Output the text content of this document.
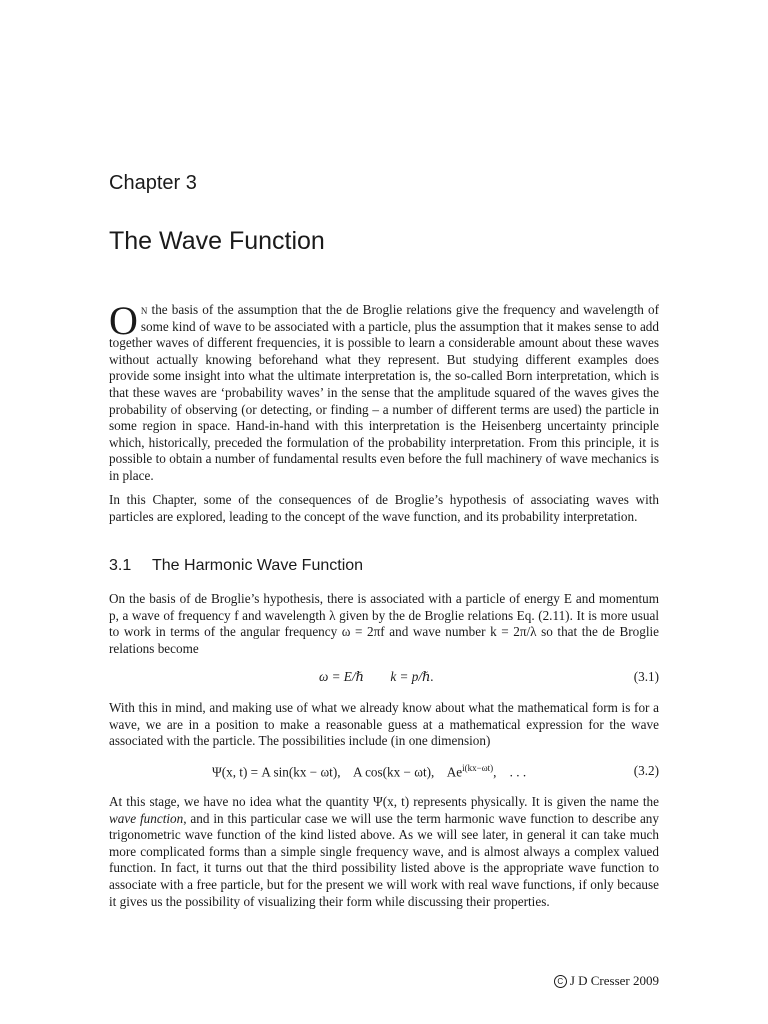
Chapter 3
The Wave Function
On the basis of the assumption that the de Broglie relations give the frequency and wavelength of some kind of wave to be associated with a particle, plus the assumption that it makes sense to add together waves of different frequencies, it is possible to learn a considerable amount about these waves without actually knowing beforehand what they represent. But studying different examples does provide some insight into what the ultimate interpretation is, the so-called Born interpretation, which is that these waves are ‘probability waves’ in the sense that the amplitude squared of the waves gives the probability of observing (or detecting, or finding – a number of different terms are used) the particle in some region in space. Hand-in-hand with this interpretation is the Heisenberg uncertainty principle which, historically, preceded the formulation of the probability interpretation. From this principle, it is possible to obtain a number of fundamental results even before the full machinery of wave mechanics is in place.
In this Chapter, some of the consequences of de Broglie’s hypothesis of associating waves with particles are explored, leading to the concept of the wave function, and its probability interpretation.
3.1 The Harmonic Wave Function
On the basis of de Broglie’s hypothesis, there is associated with a particle of energy E and momentum p, a wave of frequency f and wavelength λ given by the de Broglie relations Eq. (2.11). It is more usual to work in terms of the angular frequency ω = 2πf and wave number k = 2π/λ so that the de Broglie relations become
ω = E/ℏ        k = p/ℏ.	(3.1)
With this in mind, and making use of what we already know about what the mathematical form is for a wave, we are in a position to make a reasonable guess at a mathematical expression for the wave associated with the particle. The possibilities include (in one dimension)
Ψ(x, t) = A sin(kx − ωt),    A cos(kx − ωt),    $Ae^{i(kx-\omega t)}$,    . . .	(3.2)
At this stage, we have no idea what the quantity Ψ(x, t) represents physically. It is given the name the wave function, and in this particular case we will use the term harmonic wave function to describe any trigonometric wave function of the kind listed above. As we will see later, in general it can take much more complicated forms than a simple single frequency wave, and is almost always a complex valued function. In fact, it turns out that the third possibility listed above is the appropriate wave function to associate with a free particle, but for the present we will work with real wave functions, if only because it gives us the possibility of visualizing their form while discussing their properties.
C J D Cresser 2009
